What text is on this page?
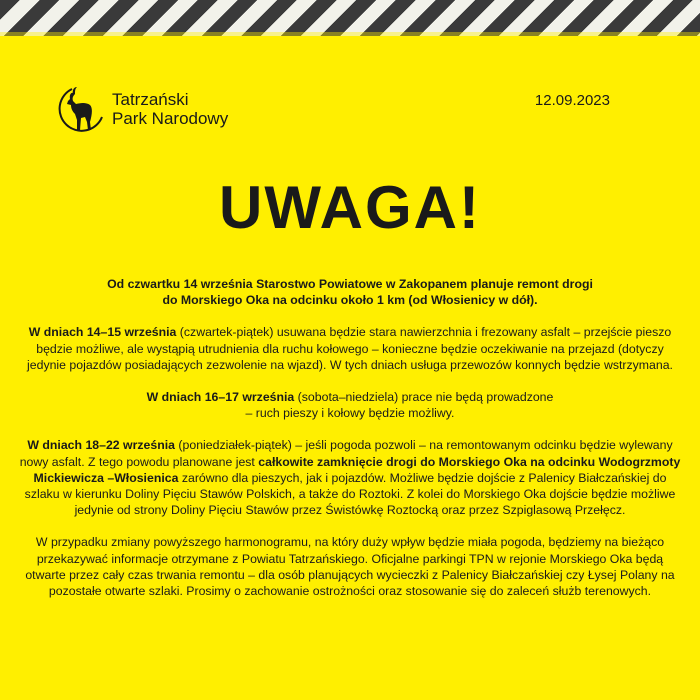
Tatrzański
Park Narodowy
12.09.2023
UWAGA!

Od czwartku 14 września Starostwo Powiatowe w Zakopanem planuje remont drogi
do Morskiego Oka na odcinku około 1 km (od Włosienicy w dół).

W dniach 14–15 września (czwartek-piątek) usuwana będzie stara nawierzchnia i frezowany asfalt – przejście pieszo będzie możliwe, ale wystąpią utrudnienia dla ruchu kołowego – konieczne będzie oczekiwanie na przejazd (dotyczy jedynie pojazdów posiadających zezwolenie na wjazd). W tych dniach usługa przewozów konnych będzie wstrzymana.

W dniach 16–17 września (sobota–niedziela) prace nie będą prowadzone
– ruch pieszy i kołowy będzie możliwy.

W dniach 18–22 września (poniedziałek-piątek) – jeśli pogoda pozwoli – na remontowanym odcinku będzie wylewany nowy asfalt. Z tego powodu planowane jest całkowite zamknięcie drogi do Morskiego Oka na odcinku Wodogrzmoty Mickiewicza –Włosienica zarówno dla pieszych, jak i pojazdów. Możliwe będzie dojście z Palenicy Białczańskiej do szlaku w kierunku Doliny Pięciu Stawów Polskich, a także do Roztoki. Z kolei do Morskiego Oka dojście będzie możliwe jedynie od strony Doliny Pięciu Stawów przez Świstówkę Roztocką oraz przez Szpiglasową Przełęcz.

W przypadku zmiany powyższego harmonogramu, na który duży wpływ będzie miała pogoda, będziemy na bieżąco przekazywać informacje otrzymane z Powiatu Tatrzańskiego. Oficjalne parkingi TPN w rejonie Morskiego Oka będą otwarte przez cały czas trwania remontu – dla osób planujących wycieczki z Palenicy Białczańskiej czy Łysej Polany na pozostałe otwarte szlaki. Prosimy o zachowanie ostrożności oraz stosowanie się do zaleceń służb terenowych.
